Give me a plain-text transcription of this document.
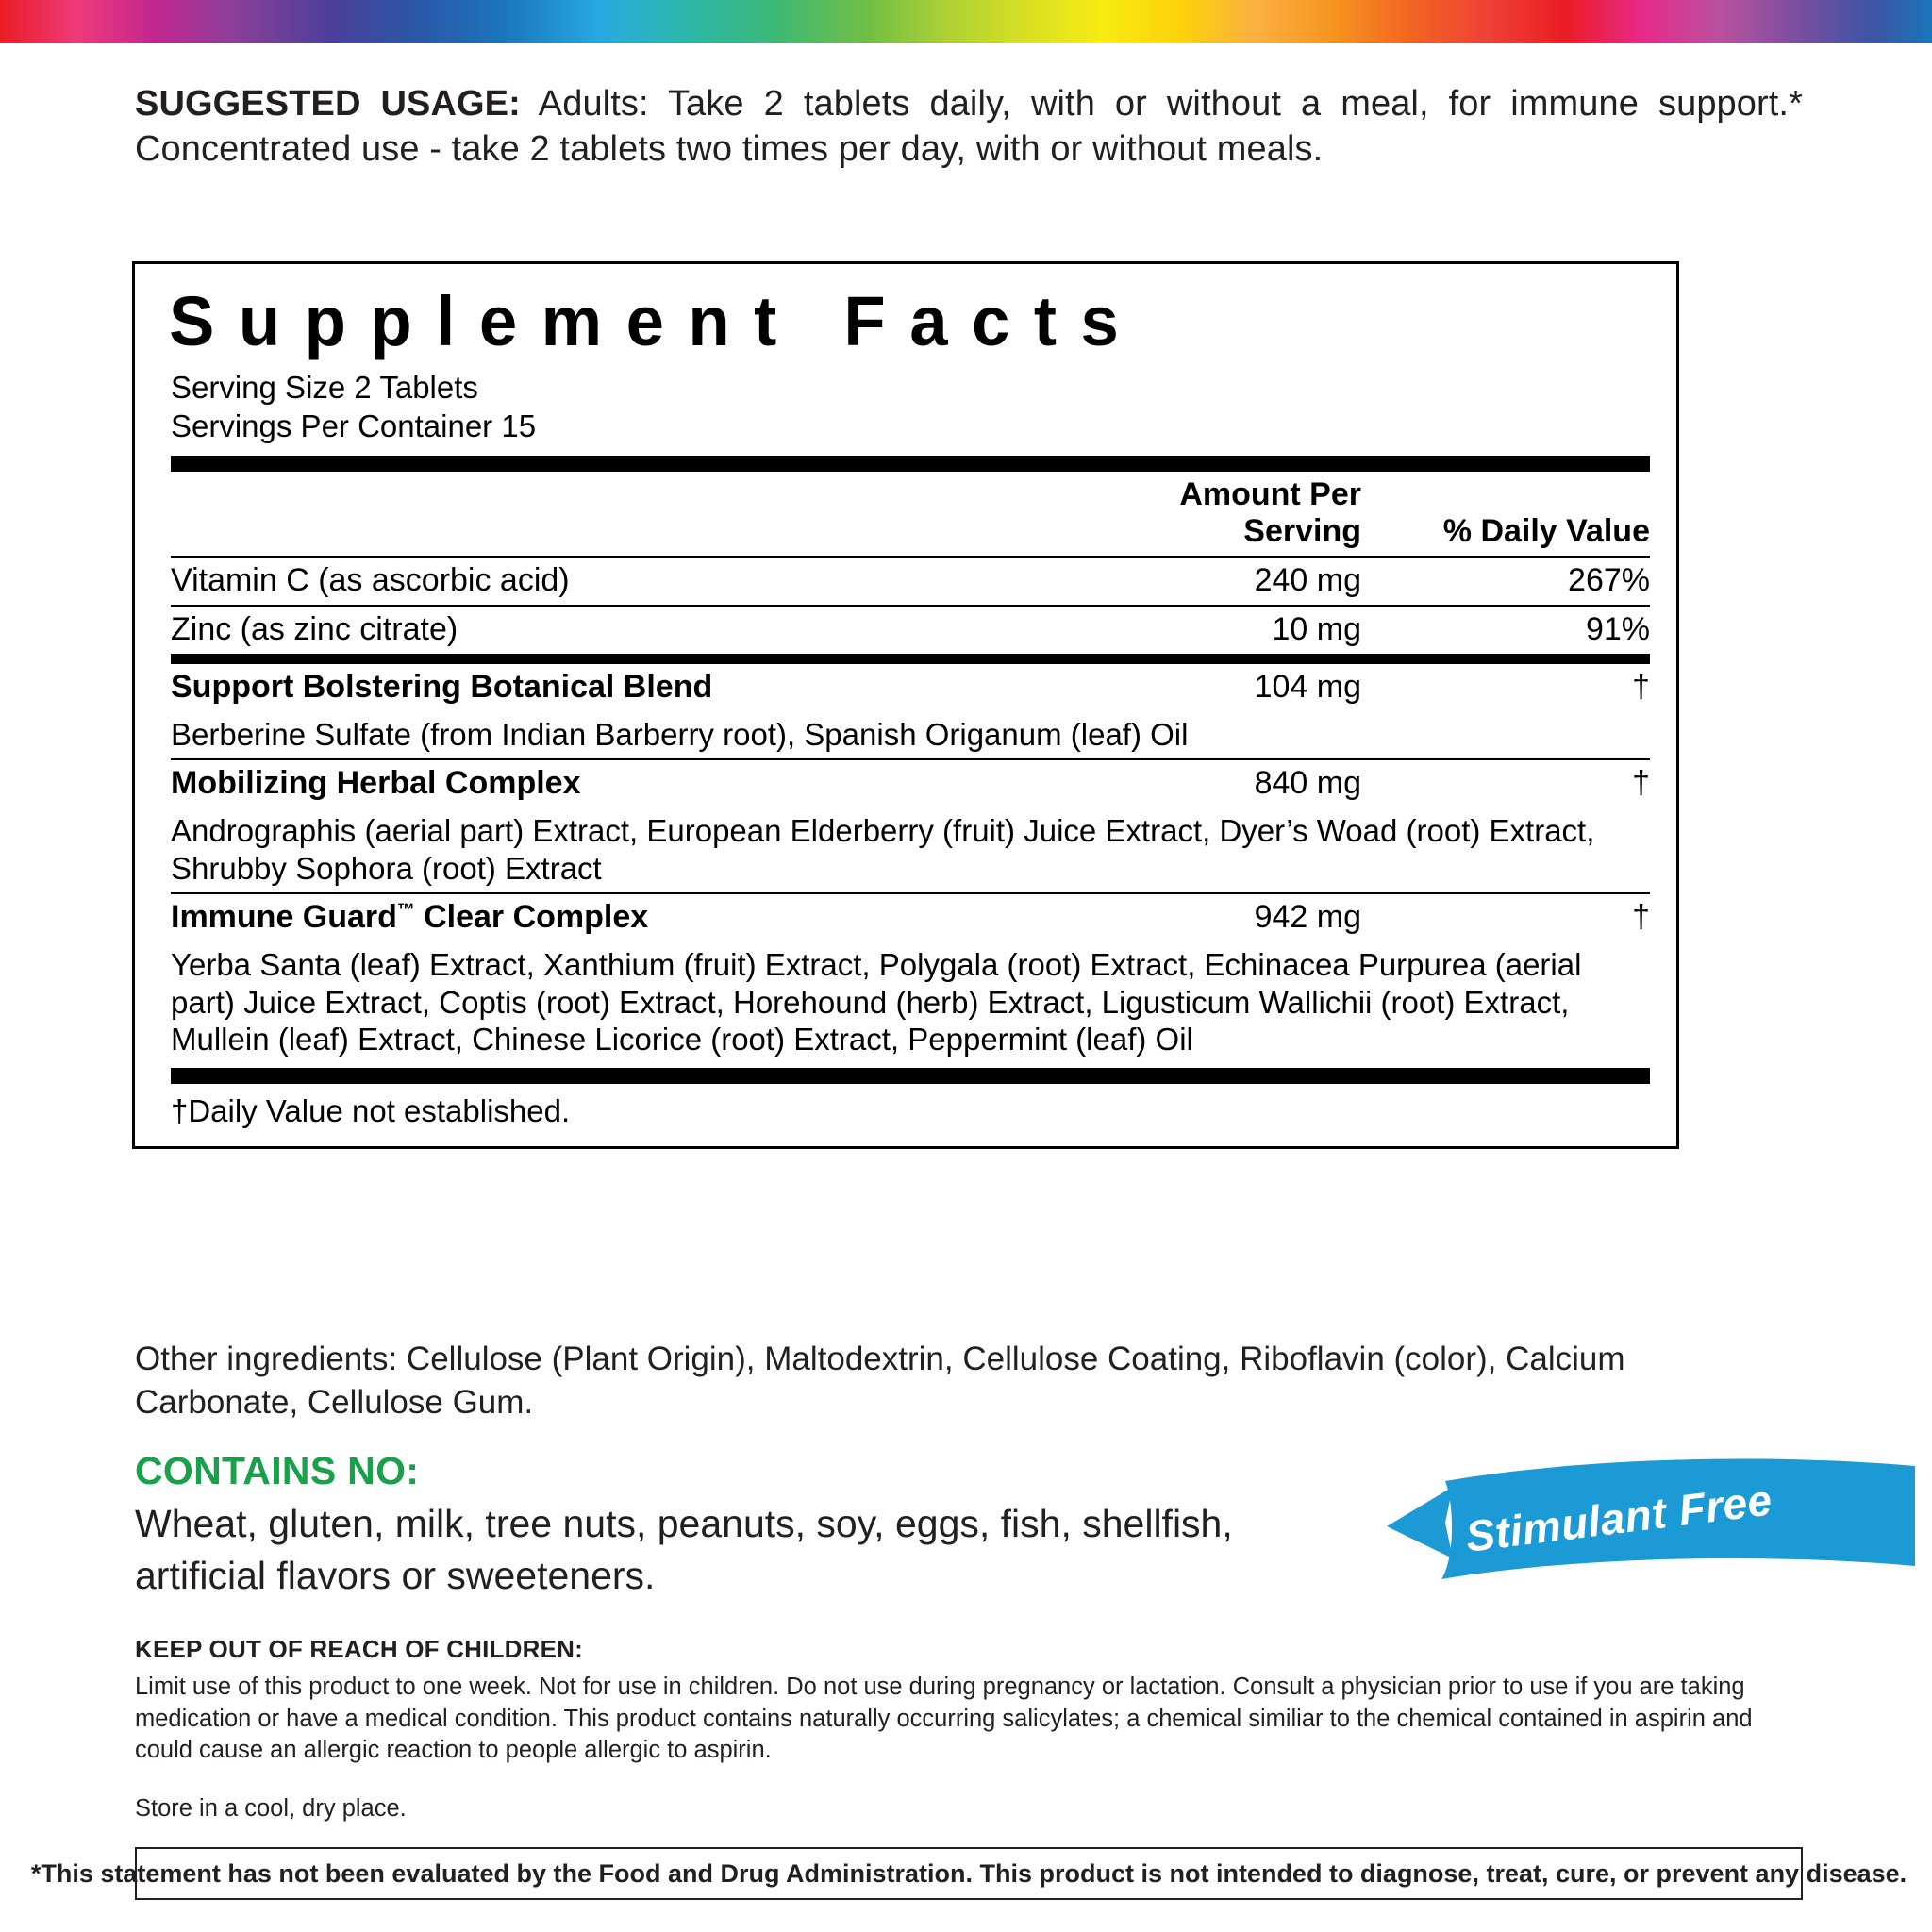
SUGGESTED USAGE: Adults: Take 2 tablets daily, with or without a meal, for immune support.* Concentrated use - take 2 tablets two times per day, with or without meals.
Supplement Facts
Serving Size 2 Tablets
Servings Per Container 15
	Amount Per Serving	% Daily Value
Vitamin C (as ascorbic acid)	240 mg	267%
Zinc (as zinc citrate)	10 mg	91%
Support Bolstering Botanical Blend	104 mg	†
Berberine Sulfate (from Indian Barberry root), Spanish Origanum (leaf) Oil
Mobilizing Herbal Complex	840 mg	†
Andrographis (aerial part) Extract, European Elderberry (fruit) Juice Extract, Dyer’s Woad (root) Extract, Shrubby Sophora (root) Extract
Immune Guard™ Clear Complex	942 mg	†
Yerba Santa (leaf) Extract, Xanthium (fruit) Extract, Polygala (root) Extract, Echinacea Purpurea (aerial part) Juice Extract, Coptis (root) Extract, Horehound (herb) Extract, Ligusticum Wallichii (root) Extract, Mullein (leaf) Extract, Chinese Licorice (root) Extract, Peppermint (leaf) Oil
†Daily Value not established.
Other ingredients: Cellulose (Plant Origin), Maltodextrin, Cellulose Coating, Riboflavin (color), Calcium Carbonate, Cellulose Gum.
CONTAINS NO:
Wheat, gluten, milk, tree nuts, peanuts, soy, eggs, fish, shellfish, artificial flavors or sweeteners.
Stimulant Free
KEEP OUT OF REACH OF CHILDREN:
Limit use of this product to one week. Not for use in children. Do not use during pregnancy or lactation. Consult a physician prior to use if you are taking medication or have a medical condition. This product contains naturally occurring salicylates; a chemical similiar to the chemical contained in aspirin and could cause an allergic reaction to people allergic to aspirin.
Store in a cool, dry place.
*This statement has not been evaluated by the Food and Drug Administration. This product is not intended to diagnose, treat, cure, or prevent any disease.
